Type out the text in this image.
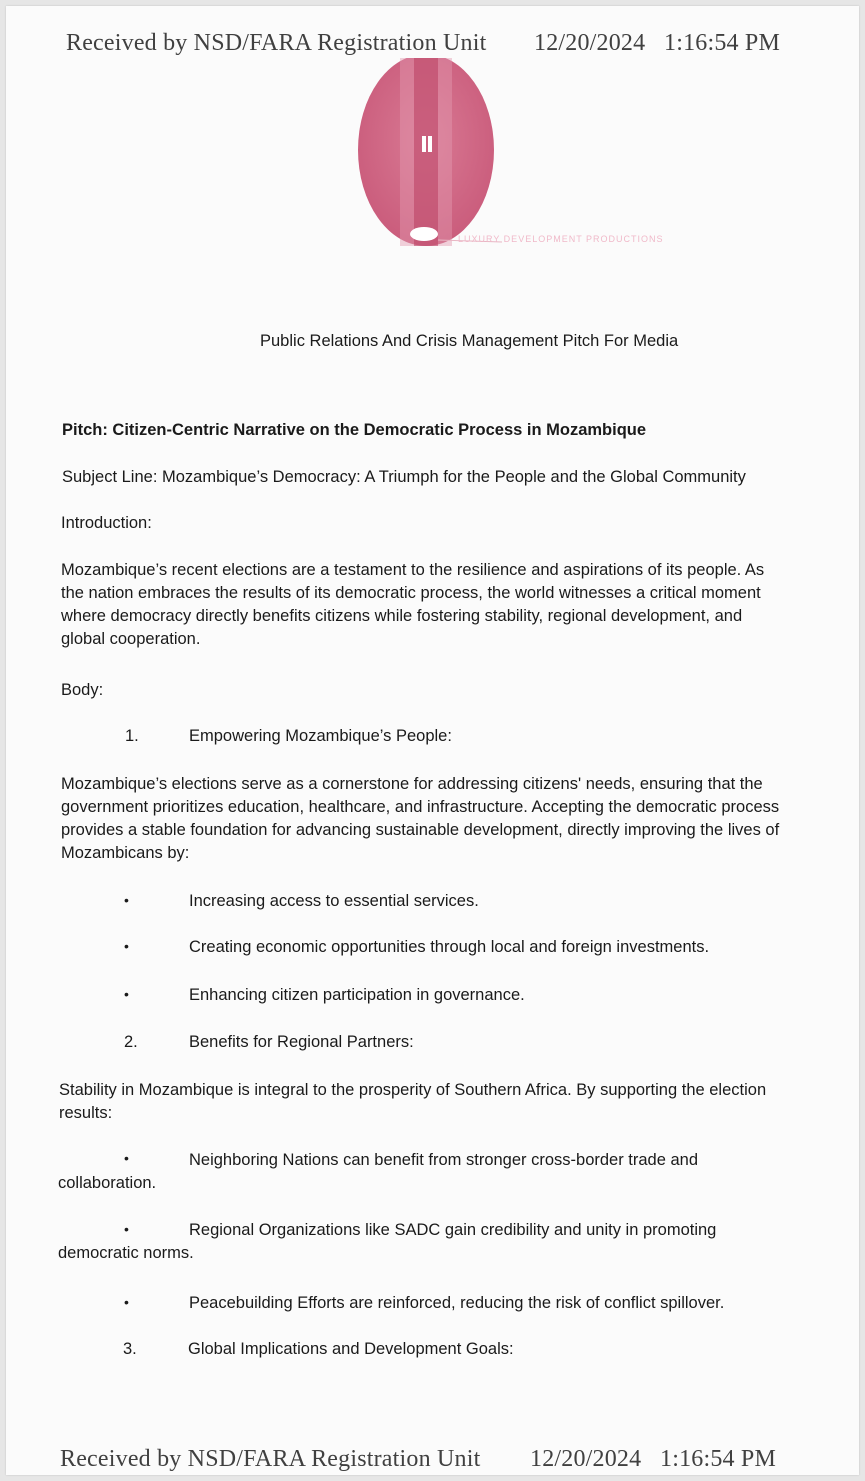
Received by NSD/FARA Registration Unit 12/20/2024 1:16:54 PM
LUXURY DEVELOPMENT PRODUCTIONS
Public Relations And Crisis Management Pitch For Media
Pitch: Citizen-Centric Narrative on the Democratic Process in Mozambique
Subject Line: Mozambique’s Democracy: A Triumph for the People and the Global Community
Introduction:
Mozambique’s recent elections are a testament to the resilience and aspirations of its people. As
the nation embraces the results of its democratic process, the world witnesses a critical moment
where democracy directly benefits citizens while fostering stability, regional development, and
global cooperation.
Body:
1.	Empowering Mozambique’s People:
Mozambique’s elections serve as a cornerstone for addressing citizens' needs, ensuring that the
government prioritizes education, healthcare, and infrastructure. Accepting the democratic process
provides a stable foundation for advancing sustainable development, directly improving the lives of
Mozambicans by:
•	Increasing access to essential services.
•	Creating economic opportunities through local and foreign investments.
•	Enhancing citizen participation in governance.
2.	Benefits for Regional Partners:
Stability in Mozambique is integral to the prosperity of Southern Africa. By supporting the election
results:
•	Neighboring Nations can benefit from stronger cross-border trade and
collaboration.
•	Regional Organizations like SADC gain credibility and unity in promoting
democratic norms.
•	Peacebuilding Efforts are reinforced, reducing the risk of conflict spillover.
3.	Global Implications and Development Goals:
Received by NSD/FARA Registration Unit 12/20/2024 1:16:54 PM
